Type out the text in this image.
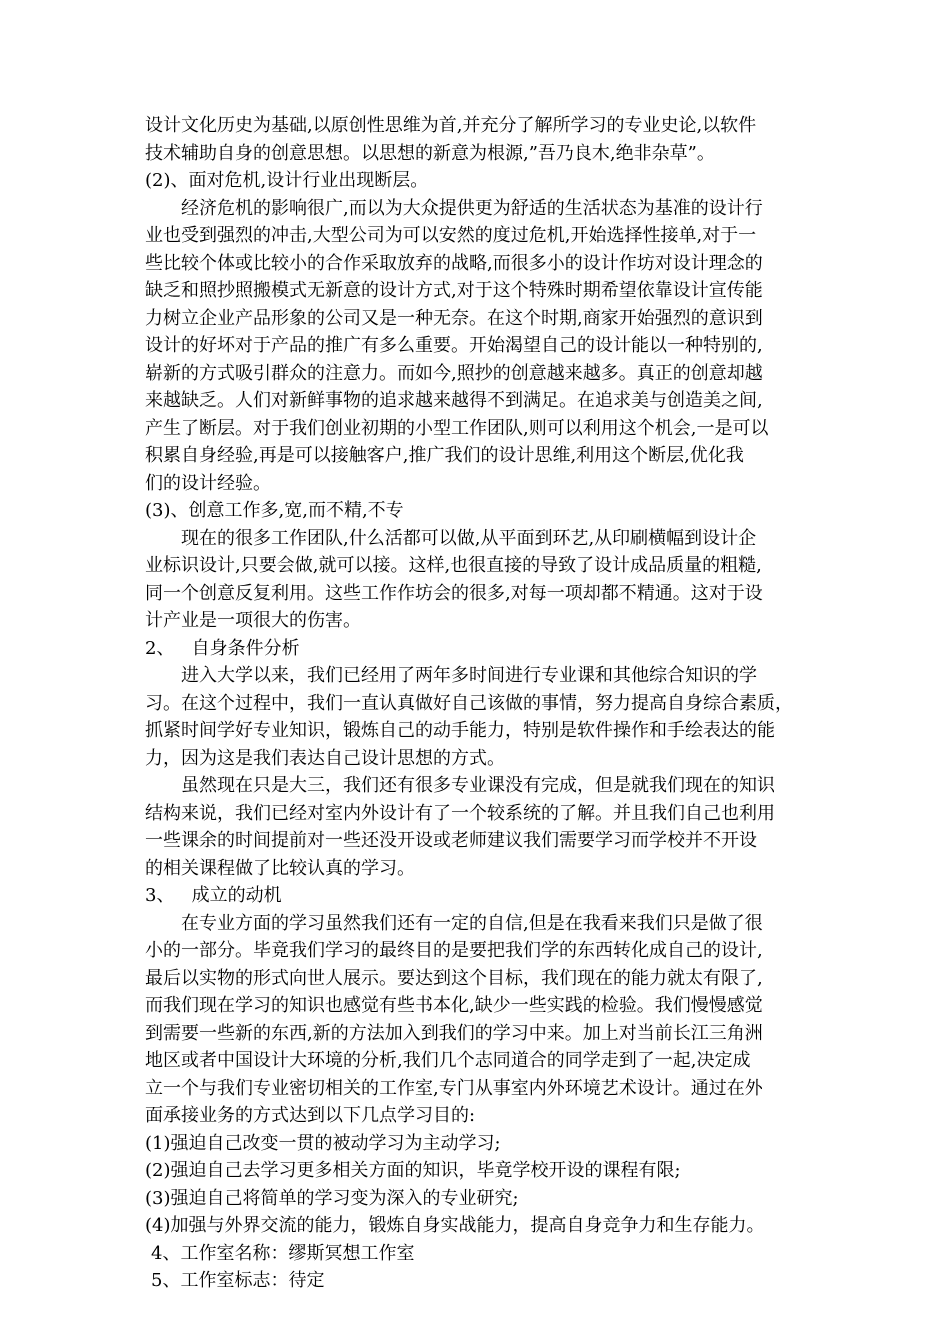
设计文化历史为基础,以原创性思维为首,并充分了解所学习的专业史论,以软件
技术辅助自身的创意思想。以思想的新意为根源,”吾乃良木,绝非杂草”。
(2)、面对危机,设计行业出现断层。
经济危机的影响很广,而以为大众提供更为舒适的生活状态为基准的设计行
业也受到强烈的冲击,大型公司为可以安然的度过危机,开始选择性接单,对于一
些比较个体或比较小的合作采取放弃的战略,而很多小的设计作坊对设计理念的
缺乏和照抄照搬模式无新意的设计方式,对于这个特殊时期希望依靠设计宣传能
力树立企业产品形象的公司又是一种无奈。在这个时期,商家开始强烈的意识到
设计的好坏对于产品的推广有多么重要。开始渴望自己的设计能以一种特别的,
崭新的方式吸引群众的注意力。而如今,照抄的创意越来越多。真正的创意却越
来越缺乏。人们对新鲜事物的追求越来越得不到满足。在追求美与创造美之间,
产生了断层。对于我们创业初期的小型工作团队,则可以利用这个机会,一是可以
积累自身经验,再是可以接触客户,推广我们的设计思维,利用这个断层,优化我
们的设计经验。
(3)、创意工作多,宽,而不精,不专
现在的很多工作团队,什么活都可以做,从平面到环艺,从印刷横幅到设计企
业标识设计,只要会做,就可以接。这样,也很直接的导致了设计成品质量的粗糙,
同一个创意反复利用。这些工作作坊会的很多,对每一项却都不精通。这对于设
计产业是一项很大的伤害。
2、   自身条件分析
进入大学以来，我们已经用了两年多时间进行专业课和其他综合知识的学
习。在这个过程中，我们一直认真做好自己该做的事情，努力提高自身综合素质，
抓紧时间学好专业知识，锻炼自己的动手能力，特别是软件操作和手绘表达的能
力，因为这是我们表达自己设计思想的方式。
虽然现在只是大三，我们还有很多专业课没有完成，但是就我们现在的知识
结构来说，我们已经对室内外设计有了一个较系统的了解。并且我们自己也利用
一些课余的时间提前对一些还没开设或老师建议我们需要学习而学校并不开设
的相关课程做了比较认真的学习。
3、   成立的动机
在专业方面的学习虽然我们还有一定的自信,但是在我看来我们只是做了很
小的一部分。毕竟我们学习的最终目的是要把我们学的东西转化成自己的设计,
最后以实物的形式向世人展示。要达到这个目标，我们现在的能力就太有限了,
而我们现在学习的知识也感觉有些书本化,缺少一些实践的检验。我们慢慢感觉
到需要一些新的东西,新的方法加入到我们的学习中来。加上对当前长江三角洲
地区或者中国设计大环境的分析,我们几个志同道合的同学走到了一起,决定成
立一个与我们专业密切相关的工作室,专门从事室内外环境艺术设计。通过在外
面承接业务的方式达到以下几点学习目的:
(1)强迫自己改变一贯的被动学习为主动学习;
(2)强迫自己去学习更多相关方面的知识，毕竟学校开设的课程有限;
(3)强迫自己将简单的学习变为深入的专业研究;
(4)加强与外界交流的能力，锻炼自身实战能力，提高自身竞争力和生存能力。
4、工作室名称：缪斯冥想工作室
5、工作室标志：待定
